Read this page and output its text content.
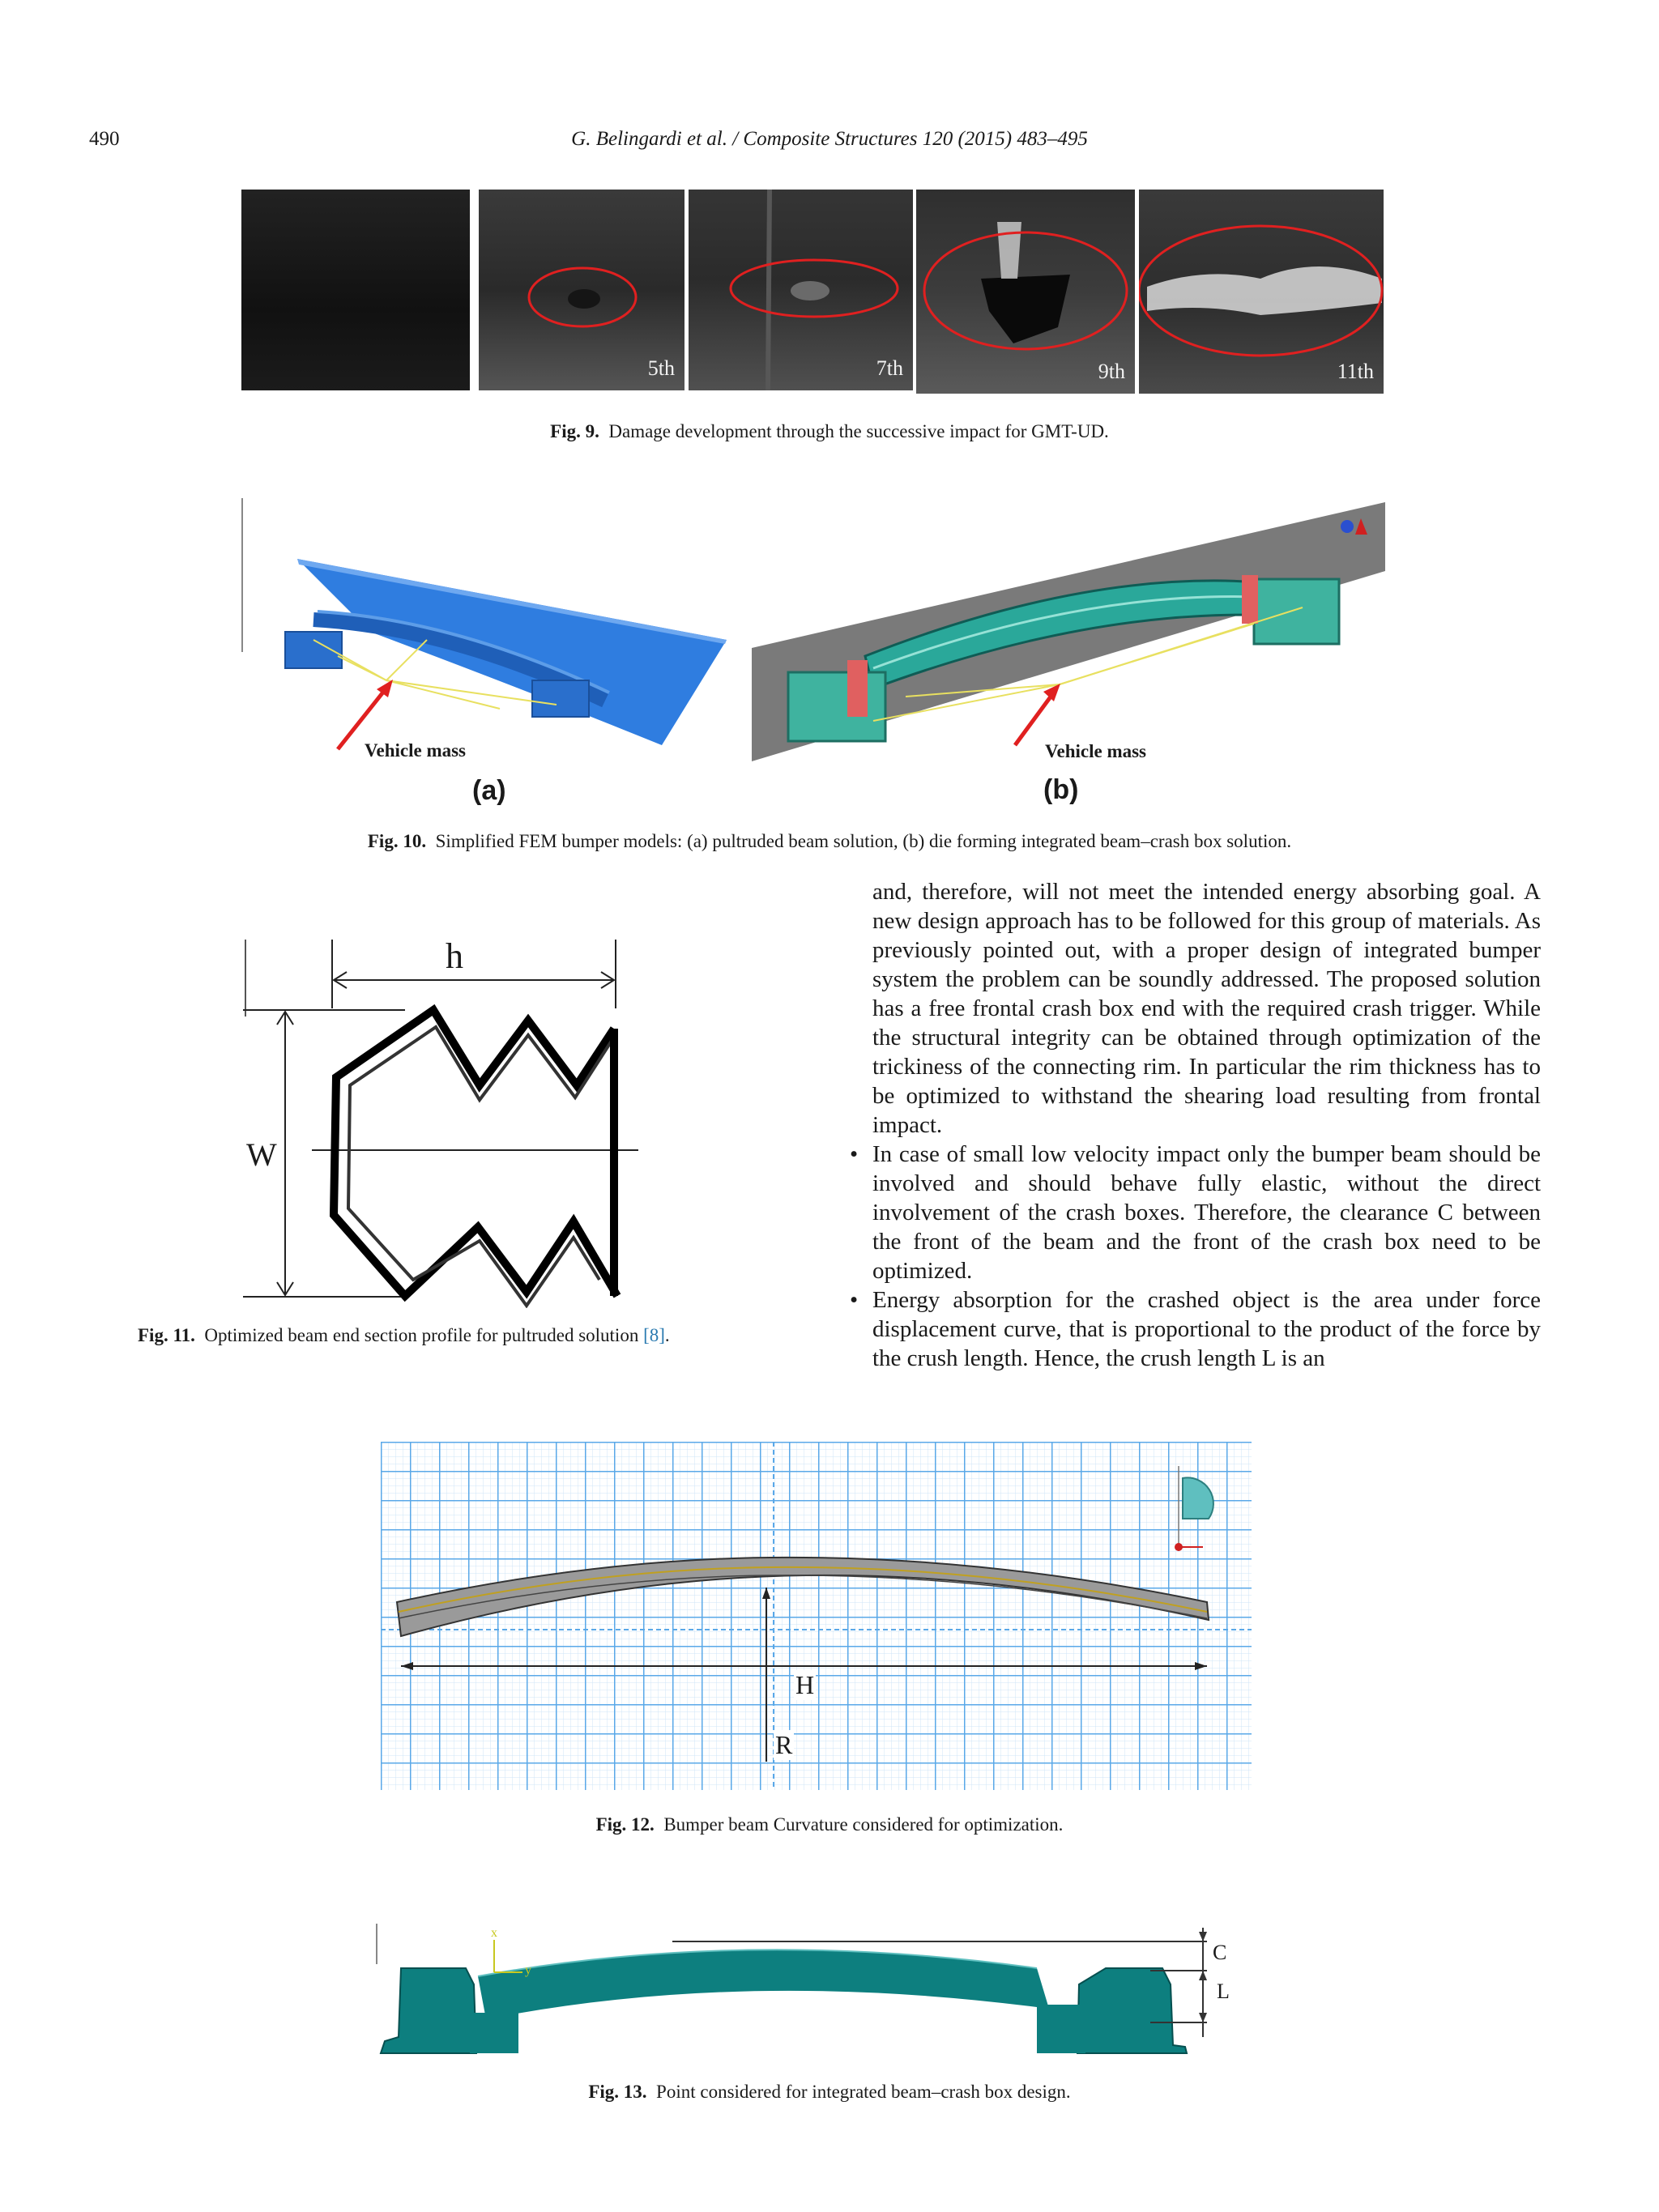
490	G. Belingardi et al. / Composite Structures 120 (2015) 483–495
5th	7th	9th	11th
Fig. 9. Damage development through the successive impact for GMT-UD.
Vehicle mass
(a)
Vehicle mass
(b)
Fig. 10. Simplified FEM bumper models: (a) pultruded beam solution, (b) die forming integrated beam–crash box solution.
h
W
Fig. 11. Optimized beam end section profile for pultruded solution [8].

and, therefore, will not meet the intended energy absorbing goal. A new design approach has to be followed for this group of materials. As previously pointed out, with a proper design of integrated bumper system the problem can be soundly addressed. The proposed solution has a free frontal crash box end with the required crash trigger. While the structural integrity can be obtained through optimization of the trickiness of the connecting rim. In particular the rim thickness has to be optimized to withstand the shearing load resulting from frontal impact.

• In case of small low velocity impact only the bumper beam should be involved and should behave fully elastic, without the direct involvement of the crash boxes. Therefore, the clearance C between the front of the beam and the front of the crash box need to be optimized.
• Energy absorption for the crashed object is the area under force displacement curve, that is proportional to the product of the force by the crush length. Hence, the crush length L is an
H
R
Fig. 12. Bumper beam Curvature considered for optimization.
x
y
C
L
Fig. 13. Point considered for integrated beam–crash box design.
